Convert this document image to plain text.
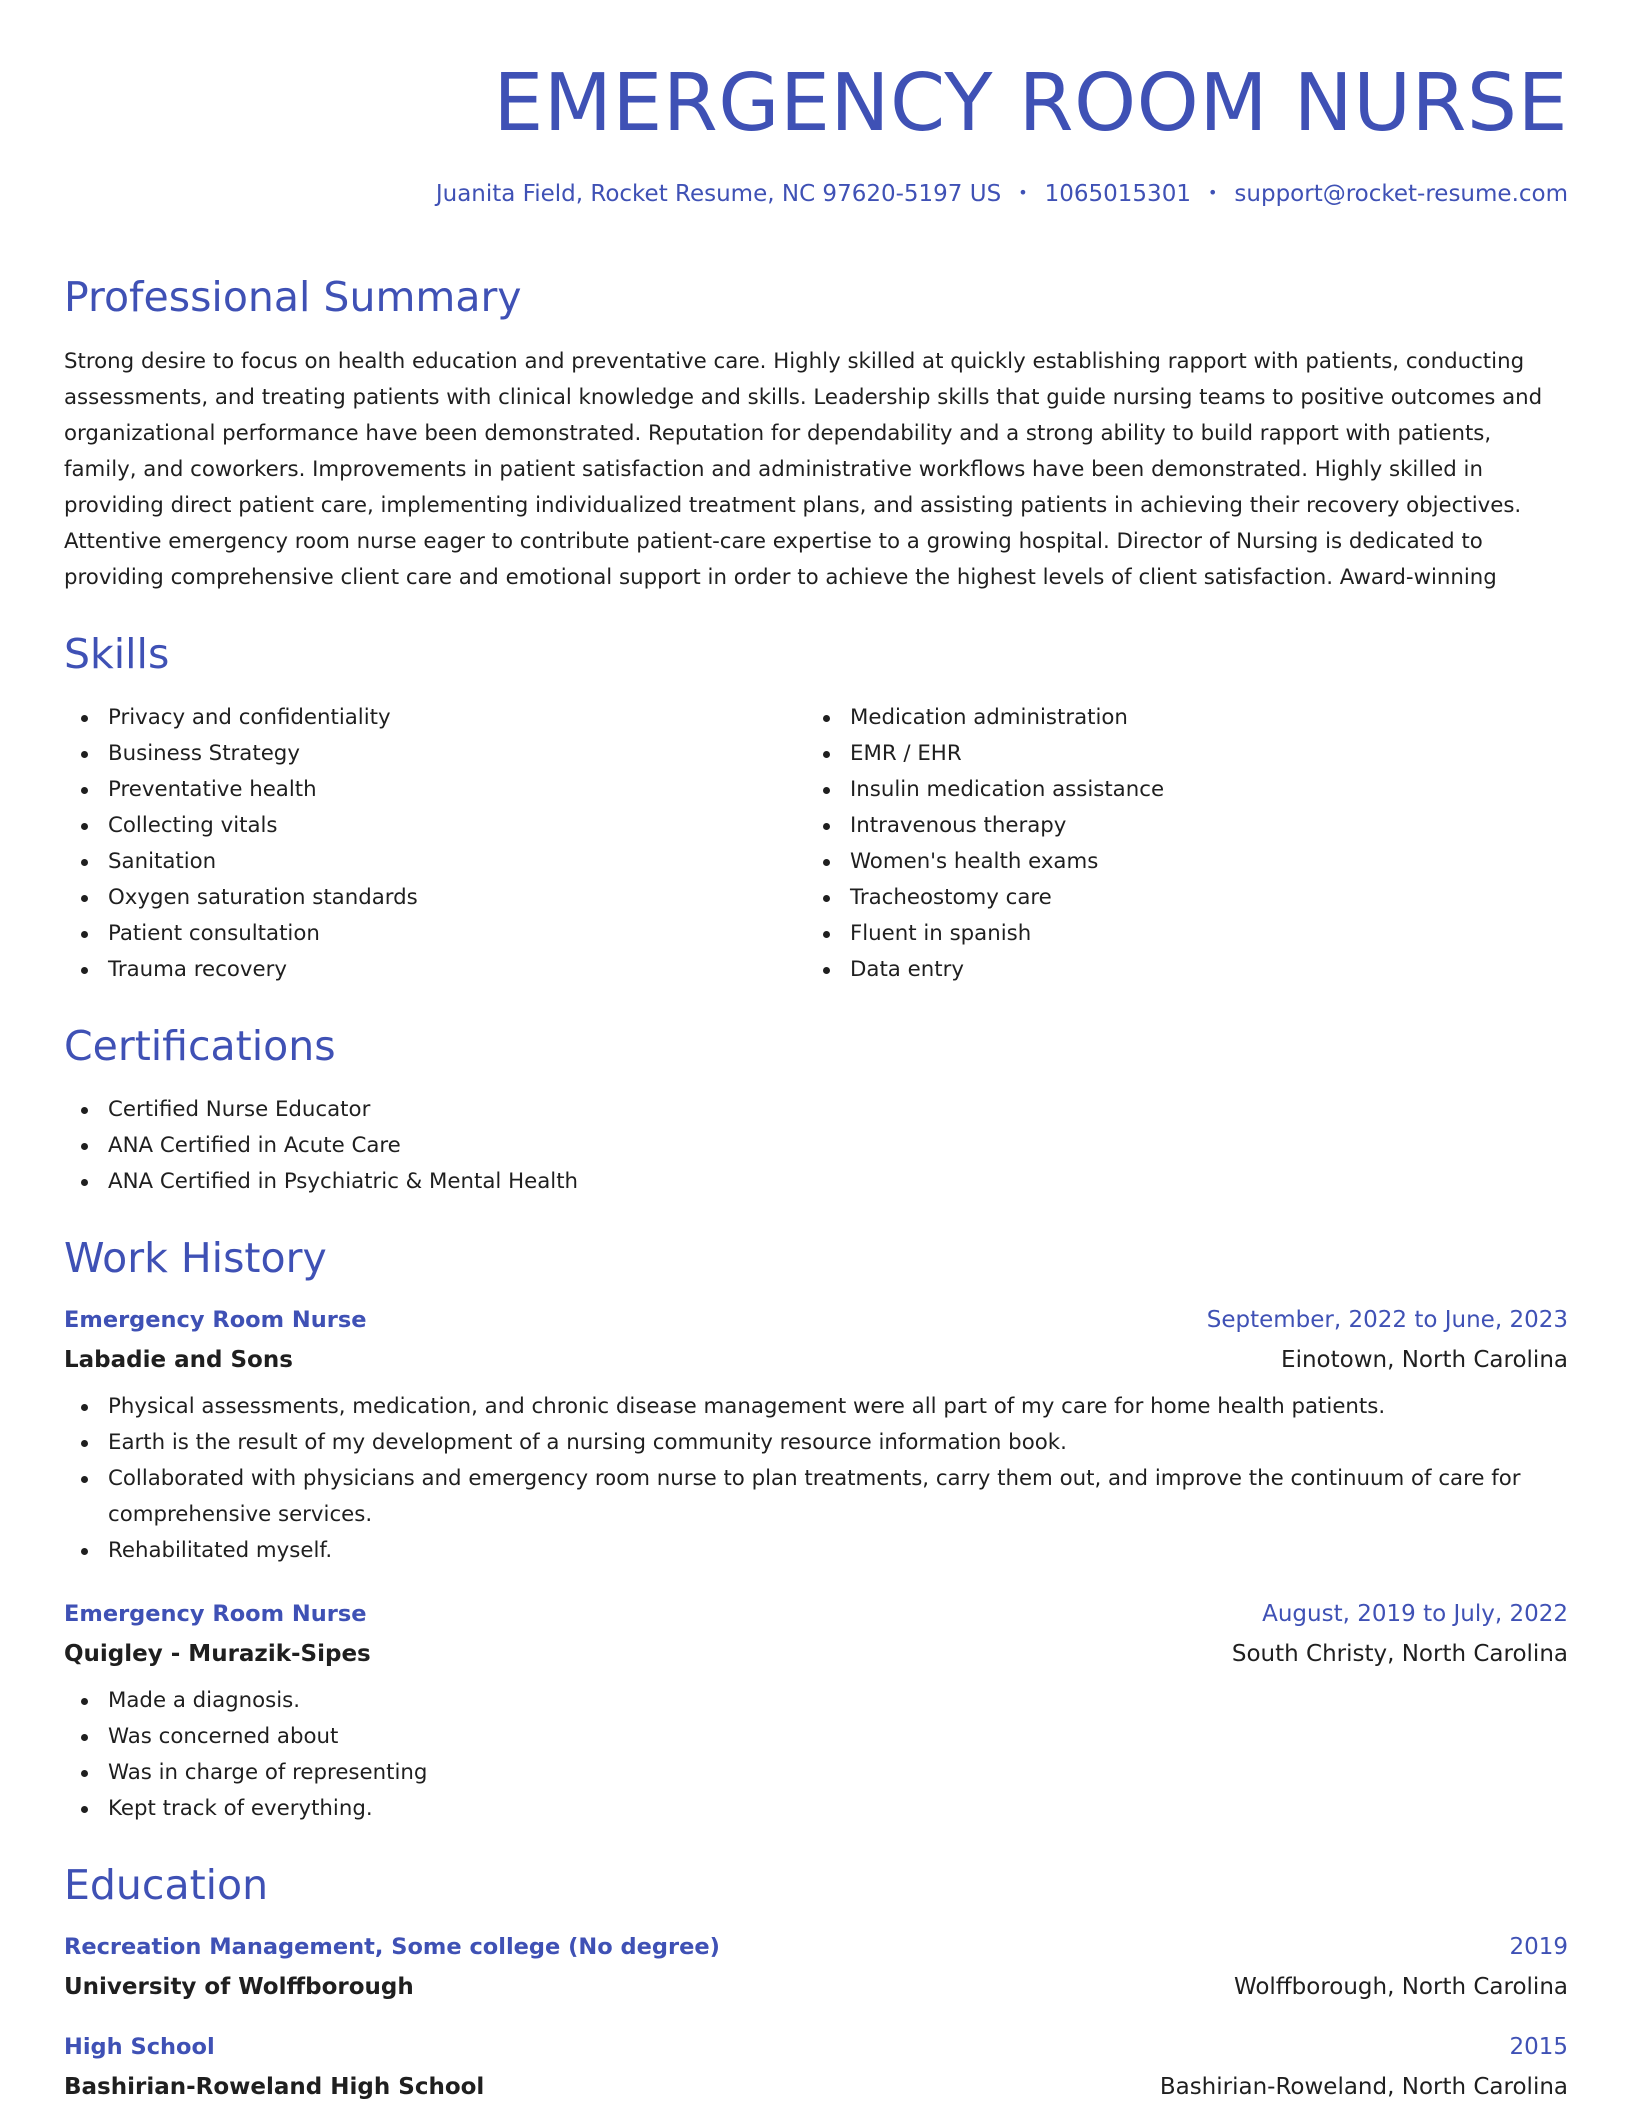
EMERGENCY ROOM NURSE
Juanita Field, Rocket Resume, NC 97620-5197 US • 1065015301 • support@rocket-resume.com
Professional Summary

Strong desire to focus on health education and preventative care. Highly skilled at quickly establishing rapport with patients, conducting assessments, and treating patients with clinical knowledge and skills. Leadership skills that guide nursing teams to positive outcomes and organizational performance have been demonstrated. Reputation for dependability and a strong ability to build rapport with patients, family, and coworkers. Improvements in patient satisfaction and administrative workflows have been demonstrated. Highly skilled in providing direct patient care, implementing individualized treatment plans, and assisting patients in achieving their recovery objectives. Attentive emergency room nurse eager to contribute patient-care expertise to a growing hospital. Director of Nursing is dedicated to providing comprehensive client care and emotional support in order to achieve the highest levels of client satisfaction. Award-winning

Skills
Privacy and confidentiality
Business Strategy
Preventative health
Collecting vitals
Sanitation
Oxygen saturation standards
Patient consultation
Trauma recovery
Medication administration
EMR / EHR
Insulin medication assistance
Intravenous therapy
Women's health exams
Tracheostomy care
Fluent in spanish
Data entry
Certifications
Certified Nurse Educator
ANA Certified in Acute Care
ANA Certified in Psychiatric & Mental Health
Work History
Emergency Room Nurse	September, 2022 to June, 2023
Labadie and Sons	Einotown, North Carolina
Physical assessments, medication, and chronic disease management were all part of my care for home health patients.
Earth is the result of my development of a nursing community resource information book.
Collaborated with physicians and emergency room nurse to plan treatments, carry them out, and improve the continuum of care for comprehensive services.
Rehabilitated myself.
Emergency Room Nurse	August, 2019 to July, 2022
Quigley - Murazik-Sipes	South Christy, North Carolina
Made a diagnosis.
Was concerned about
Was in charge of representing
Kept track of everything.
Education
Recreation Management, Some college (No degree)	2019
University of Wolffborough	Wolffborough, North Carolina
High School	2015
Bashirian-Roweland High School	Bashirian-Roweland, North Carolina
